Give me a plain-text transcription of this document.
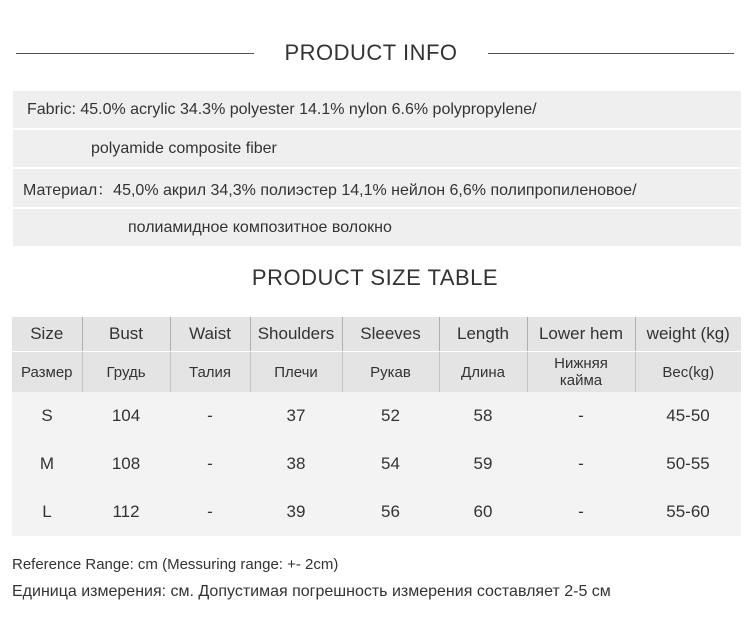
PRODUCT INFO
Fabric: 45.0% acrylic 34.3% polyester 14.1% nylon 6.6% polypropylene/
polyamide composite fiber
Материал：45,0% акрил 34,3% полиэстер 14,1% нейлон 6,6% полипропиленовое/
полиамидное композитное волокно
PRODUCT SIZE TABLE
Size	Bust	Waist	Shoulders	Sleeves	Length	Lower hem	weight (kg)
Размер	Грудь	Талия	Плечи	Рукав	Длина	Нижняя кайма	Вес(kg)
S	104	-	37	52	58	-	45-50
M	108	-	38	54	59	-	50-55
L	112	-	39	56	60	-	55-60
Reference Range: cm (Messuring range: +- 2cm)
Единица измерения: см. Допустимая погрешность измерения составляет 2-5 см
